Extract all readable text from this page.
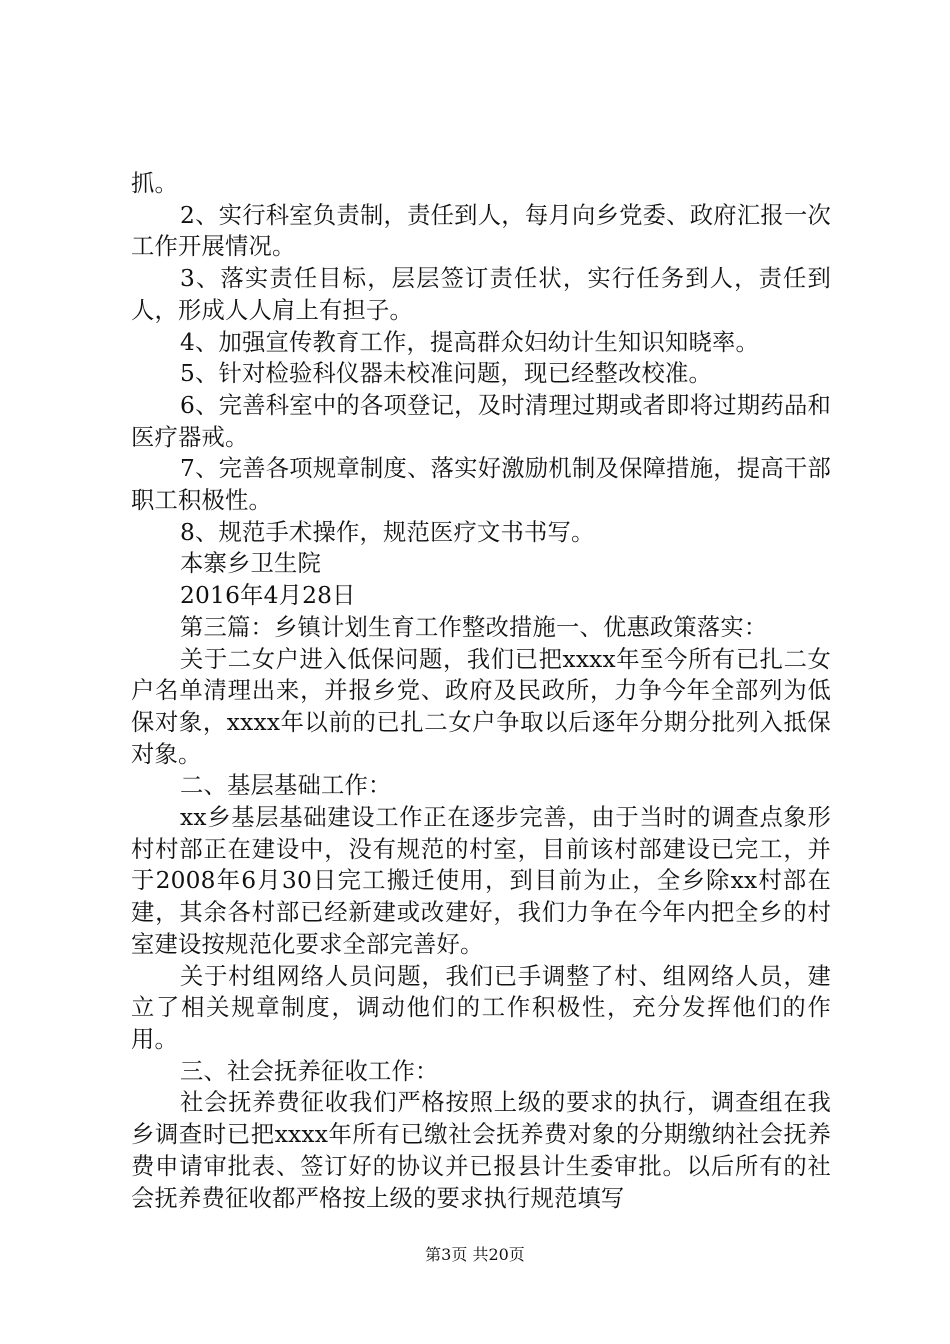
抓。

2、实行科室负责制，责任到人，每月向乡党委、政府汇报一次工作开展情况。

3、落实责任目标，层层签订责任状，实行任务到人，责任到人，形成人人肩上有担子。

4、加强宣传教育工作，提高群众妇幼计生知识知晓率。

5、针对检验科仪器未校准问题，现已经整改校准。

6、完善科室中的各项登记，及时清理过期或者即将过期药品和医疗器戒。

7、完善各项规章制度、落实好激励机制及保障措施，提高干部职工积极性。

8、规范手术操作，规范医疗文书书写。

本寨乡卫生院

2016年4月28日

第三篇：乡镇计划生育工作整改措施一、优惠政策落实：

关于二女户进入低保问题，我们已把xxxx年至今所有已扎二女户名单清理出来，并报乡党、政府及民政所，力争今年全部列为低保对象，xxxx年以前的已扎二女户争取以后逐年分期分批列入抵保对象。

二、基层基础工作：

xx乡基层基础建设工作正在逐步完善，由于当时的调查点象形村村部正在建设中，没有规范的村室，目前该村部建设已完工，并于2008年6月30日完工搬迁使用，到目前为止，全乡除xx村部在建，其余各村部已经新建或改建好，我们力争在今年内把全乡的村室建设按规范化要求全部完善好。

关于村组网络人员问题，我们已手调整了村、组网络人员，建立了相关规章制度，调动他们的工作积极性，充分发挥他们的作用。

三、社会抚养征收工作：

社会抚养费征收我们严格按照上级的要求的执行，调查组在我乡调查时已把xxxx年所有已缴社会抚养费对象的分期缴纳社会抚养费申请审批表、签订好的协议并已报县计生委审批。以后所有的社会抚养费征收都严格按上级的要求执行规范填写

第3页 共20页
